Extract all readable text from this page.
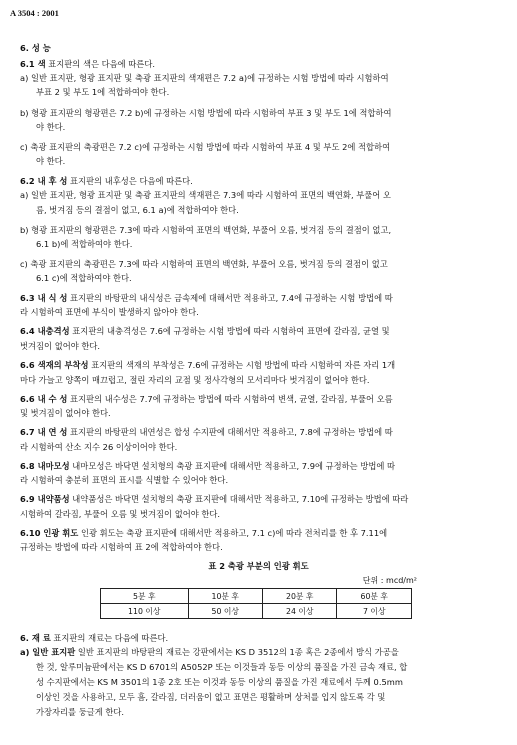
A 3504 : 2001
6. 성 능
6.1 색 표지판의 색은 다음에 따른다.
a) 일반 표지판, 형광 표지판 및 축광 표지판의 색재편은 7.2 a)에 규정하는 시험 방법에 따라 시험하여
부표 2 및 부도 1에 적합하여야 한다.
b) 형광 표지판의 형광편은 7.2 b)에 규정하는 시험 방법에 따라 시험하여 부표 3 및 부도 1에 적합하여
야 한다.
c) 축광 표지판의 축광편은 7.2 c)에 규정하는 시험 방법에 따라 시험하여 부표 4 및 부도 2에 적합하여
야 한다.
6.2 내 후 성 표지판의 내후성은 다음에 따른다.
a) 일반 표지판, 형광 표지판 및 축광 표지판의 색재편은 7.3에 따라 시험하여 표면의 백연화, 부풀어 오
름, 벗겨짐 등의 결점이 없고, 6.1 a)에 적합하여야 한다.
b) 형광 표지판의 형광편은 7.3에 따라 시험하여 표면의 백연화, 부풀어 오름, 벗겨짐 등의 결점이 없고,
6.1 b)에 적합하여야 한다.
c) 축광 표지판의 축광편은 7.3에 따라 시험하여 표면의 백연화, 부풀어 오름, 벗겨짐 등의 결점이 없고
6.1 c)에 적합하여야 한다.
6.3 내 식 성 표지판의 바탕판의 내식성은 금속제에 대해서만 적용하고, 7.4에 규정하는 시험 방법에 따
라 시험하여 표면에 부식이 발생하지 않아야 한다.
6.4 내충격성 표지판의 내충격성은 7.6에 규정하는 시험 방법에 따라 시험하여 표면에 갈라짐, 균열 및
벗겨짐이 없어야 한다.
6.6 색재의 부착성 표지판의 색재의 부착성은 7.6에 규정하는 시험 방법에 따라 시험하여 자른 자리 1개
마다 가늘고 양쪽이 매끄럽고, 절린 자리의 교점 및 정사각형의 모서리마다 벗겨짐이 없어야 한다.
6.6 내 수 성 표지판의 내수성은 7.7에 규정하는 방법에 따라 시험하여 변색, 균열, 갈라짐, 부풀어 오름
및 벗겨짐이 없어야 한다.
6.7 내 연 성 표지판의 바탕판의 내연성은 합성 수지판에 대해서만 적용하고, 7.8에 규정하는 방법에 따
라 시험하여 산소 지수 26 이상이어야 한다.
6.8 내마모성 내마모성은 바닥면 설치형의 축광 표지판에 대해서만 적용하고, 7.9에 규정하는 방법에 따
라 시험하여 충분히 표면의 표시를 식별할 수 있어야 한다.
6.9 내약품성 내약품성은 바닥면 설치형의 축광 표지판에 대해서만 적용하고, 7.10에 규정하는 방법에 따라
시험하여 갈라짐, 부풀어 오름 및 벗겨짐이 없어야 한다.
6.10 인광 휘도 인광 휘도는 축광 표지판에 대해서만 적용하고, 7.1 c)에 따라 전처리를 한 후 7.11에
규정하는 방법에 따라 시험하여 표 2에 적합하여야 한다.
6. 재 료 표지판의 재료는 다음에 따른다.
a) 일반 표지판 일반 표지판의 바탕판의 재료는 강판에서는 KS D 3512의 1종 혹은 2종에서 방식 가공을
한 것, 알루미늄판에서는 KS D 6701의 A5052P 또는 이것들과 동등 이상의 품질을 가진 금속 재료, 합
성 수지판에서는 KS M 3501의 1종 2호 또는 이것과 동등 이상의 품질을 가진 재료에서 두께 0.5mm
이상인 것을 사용하고, 모두 흠, 갈라짐, 더러움이 없고 표면은 평활하며 상처를 입지 않도록 각 및
가장자리를 둥글게 한다.
표 2 축광 부분의 인광 휘도
단위 : mcd/m²
5분 후	10분 후	20분 후	60분 후
110 이상	50 이상	24 이상	7 이상
